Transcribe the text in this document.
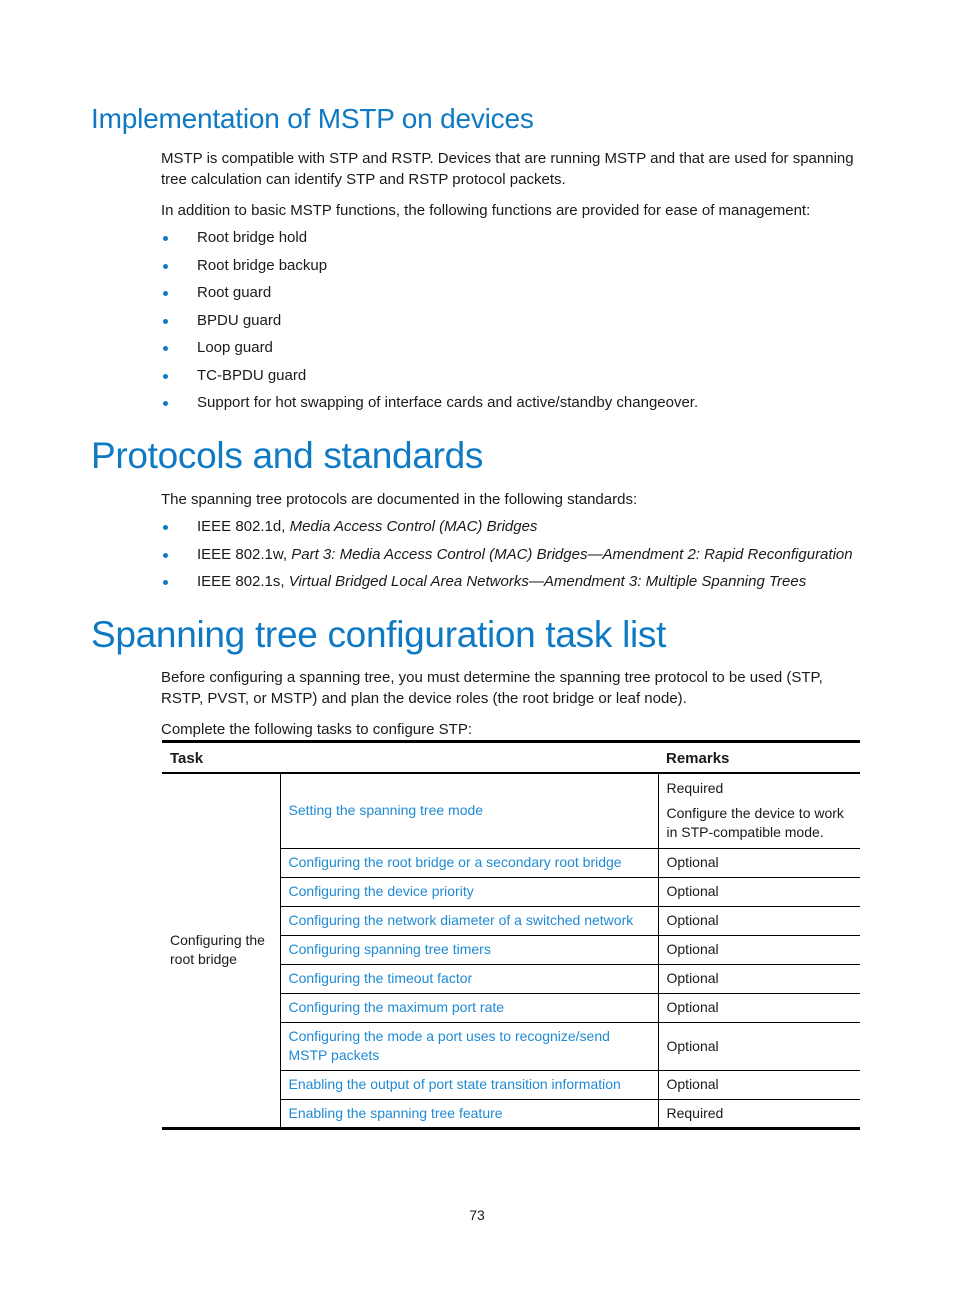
Implementation of MSTP on devices

MSTP is compatible with STP and RSTP. Devices that are running MSTP and that are used for spanning tree calculation can identify STP and RSTP protocol packets.

In addition to basic MSTP functions, the following functions are provided for ease of management:

Root bridge hold
Root bridge backup
Root guard
BPDU guard
Loop guard
TC-BPDU guard
Support for hot swapping of interface cards and active/standby changeover.
Protocols and standards

The spanning tree protocols are documented in the following standards:

IEEE 802.1d, Media Access Control (MAC) Bridges
IEEE 802.1w, Part 3: Media Access Control (MAC) Bridges—Amendment 2: Rapid Reconfiguration
IEEE 802.1s, Virtual Bridged Local Area Networks—Amendment 3: Multiple Spanning Trees
Spanning tree configuration task list

Before configuring a spanning tree, you must determine the spanning tree protocol to be used (STP, RSTP, PVST, or MSTP) and plan the device roles (the root bridge or leaf node).

Complete the following tasks to configure STP:

Task		Remarks
Configuring the root bridge	Setting the spanning tree mode	Required
Configure the device to work in STP-compatible mode.

	Configuring the root bridge or a secondary root bridge	Optional
	Configuring the device priority	Optional
	Configuring the network diameter of a switched network	Optional
	Configuring spanning tree timers	Optional
	Configuring the timeout factor	Optional
	Configuring the maximum port rate	Optional
	Configuring the mode a port uses to recognize/send MSTP packets	Optional
	Enabling the output of port state transition information	Optional
	Enabling the spanning tree feature	Required
73
